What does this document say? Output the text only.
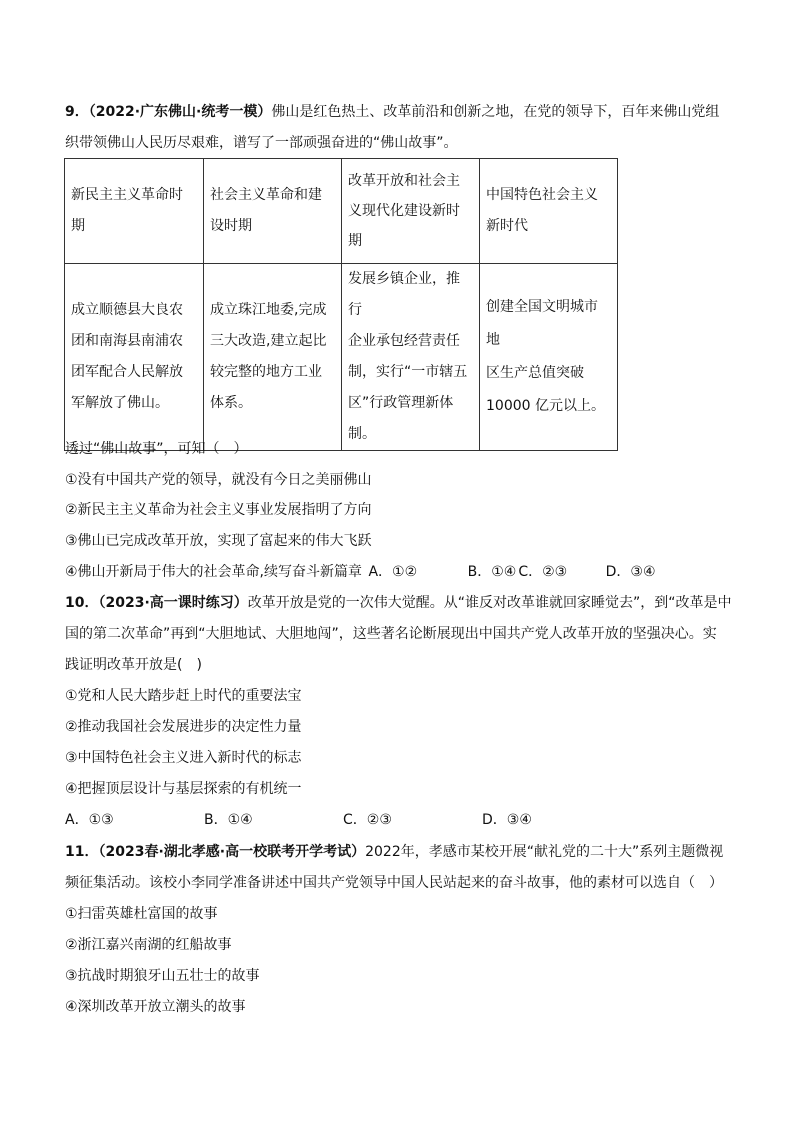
9．（2022·广东佛山·统考一模）佛山是红色热土、改革前沿和创新之地，在党的领导下，百年来佛山党组
织带领佛山人民历尽艰难，谱写了一部顽强奋进的“佛山故事”。
新民主主义革命时
期	社会主义革命和建
设时期	改革开放和社会主
义现代化建设新时
期	中国特色社会主义
新时代
成立顺德县大良农
团和南海县南浦农
团军配合人民解放
军解放了佛山。	成立珠江地委,完成
三大改造,建立起比
较完整的地方工业
体系。	发展乡镇企业，推行
企业承包经营责任
制，实行“一市辖五
区”行政管理新体制。	创建全国文明城市地
区生产总值突破
10000 亿元以上。
透过“佛山故事”，可知（　）
①没有中国共产党的领导，就没有今日之美丽佛山
②新民主主义革命为社会主义事业发展指明了方向
③佛山已完成改革开放，实现了富起来的伟大飞跃
④佛山开新局于伟大的社会革命,续写奋斗新篇章 A．①②	B．①④ C．②③	D．③④
10．（2023·高一课时练习）改革开放是党的一次伟大觉醒。从“谁反对改革谁就回家睡觉去”，到“改革是中
国的第二次革命”再到“大胆地试、大胆地闯”，这些著名论断展现出中国共产党人改革开放的坚强决心。实
践证明改革开放是(　)
①党和人民大踏步赶上时代的重要法宝
②推动我国社会发展进步的决定性力量
③中国特色社会主义进入新时代的标志
④把握顶层设计与基层探索的有机统一
A．①③	B．①④	C．②③	D．③④
11．（2023春·湖北孝感·高一校联考开学考试）2022年，孝感市某校开展“献礼党的二十大”系列主题微视
频征集活动。该校小李同学准备讲述中国共产党领导中国人民站起来的奋斗故事，他的素材可以选自（　）
①扫雷英雄杜富国的故事
②浙江嘉兴南湖的红船故事
③抗战时期狼牙山五壮士的故事
④深圳改革开放立潮头的故事
